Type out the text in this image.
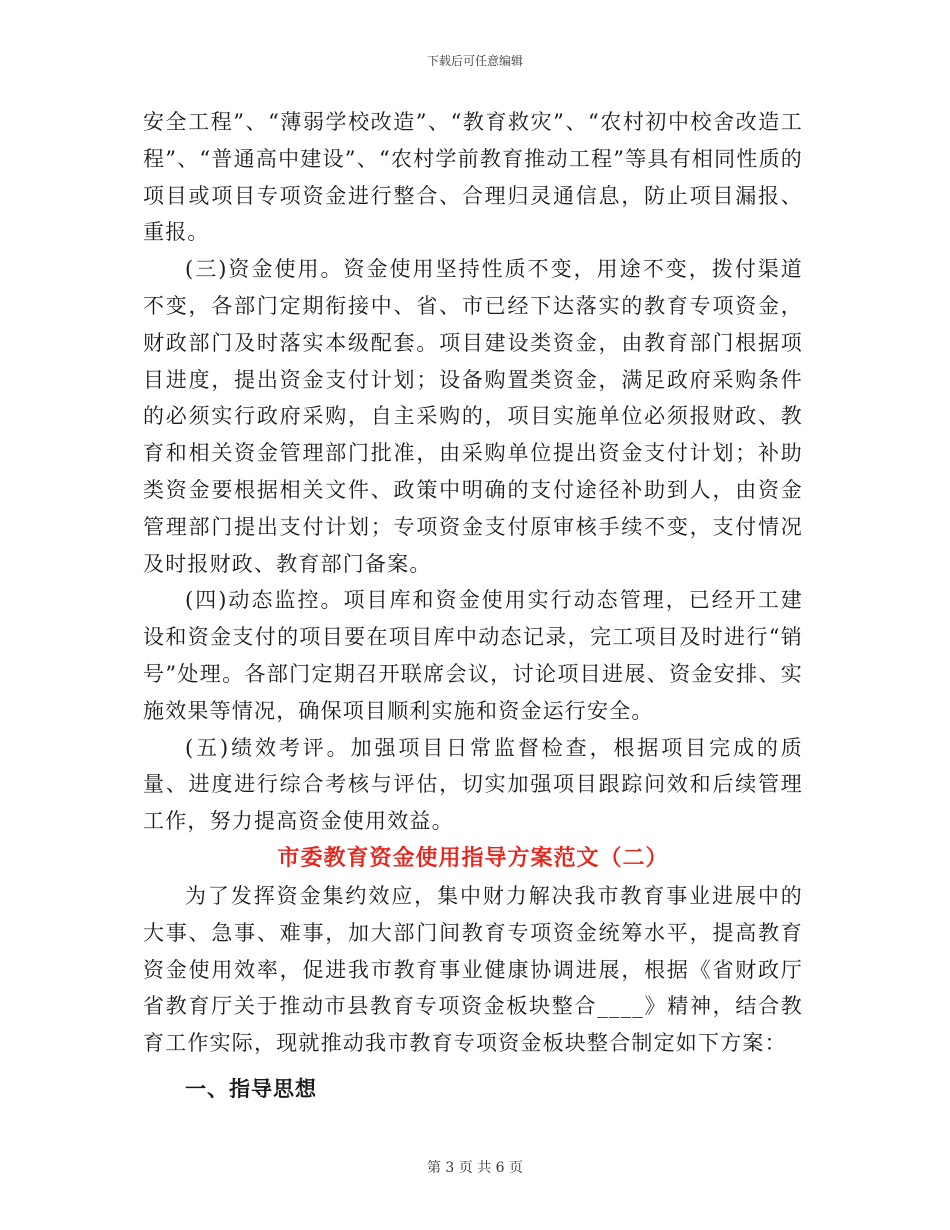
下载后可任意编辑

安全工程”、“薄弱学校改造”、“教育救灾”、“农村初中校舍改造工程”、“普通高中建设”、“农村学前教育推动工程”等具有相同性质的项目或项目专项资金进行整合、合理归灵通信息，防止项目漏报、重报。

(三)资金使用。资金使用坚持性质不变，用途不变，拨付渠道不变，各部门定期衔接中、省、市已经下达落实的教育专项资金，财政部门及时落实本级配套。项目建设类资金，由教育部门根据项目进度，提出资金支付计划；设备购置类资金，满足政府采购条件的必须实行政府采购，自主采购的，项目实施单位必须报财政、教育和相关资金管理部门批准，由采购单位提出资金支付计划；补助类资金要根据相关文件、政策中明确的支付途径补助到人，由资金管理部门提出支付计划；专项资金支付原审核手续不变，支付情况及时报财政、教育部门备案。

(四)动态监控。项目库和资金使用实行动态管理，已经开工建设和资金支付的项目要在项目库中动态记录，完工项目及时进行“销号”处理。各部门定期召开联席会议，讨论项目进展、资金安排、实施效果等情况，确保项目顺利实施和资金运行安全。

(五)绩效考评。加强项目日常监督检查，根据项目完成的质量、进度进行综合考核与评估，切实加强项目跟踪问效和后续管理工作，努力提高资金使用效益。

市委教育资金使用指导方案范文（二）

为了发挥资金集约效应，集中财力解决我市教育事业进展中的大事、急事、难事，加大部门间教育专项资金统筹水平，提高教育资金使用效率，促进我市教育事业健康协调进展，根据《省财政厅省教育厅关于推动市县教育专项资金板块整合____》精神，结合教育工作实际，现就推动我市教育专项资金板块整合制定如下方案：

一、指导思想
第 3 页 共 6 页
